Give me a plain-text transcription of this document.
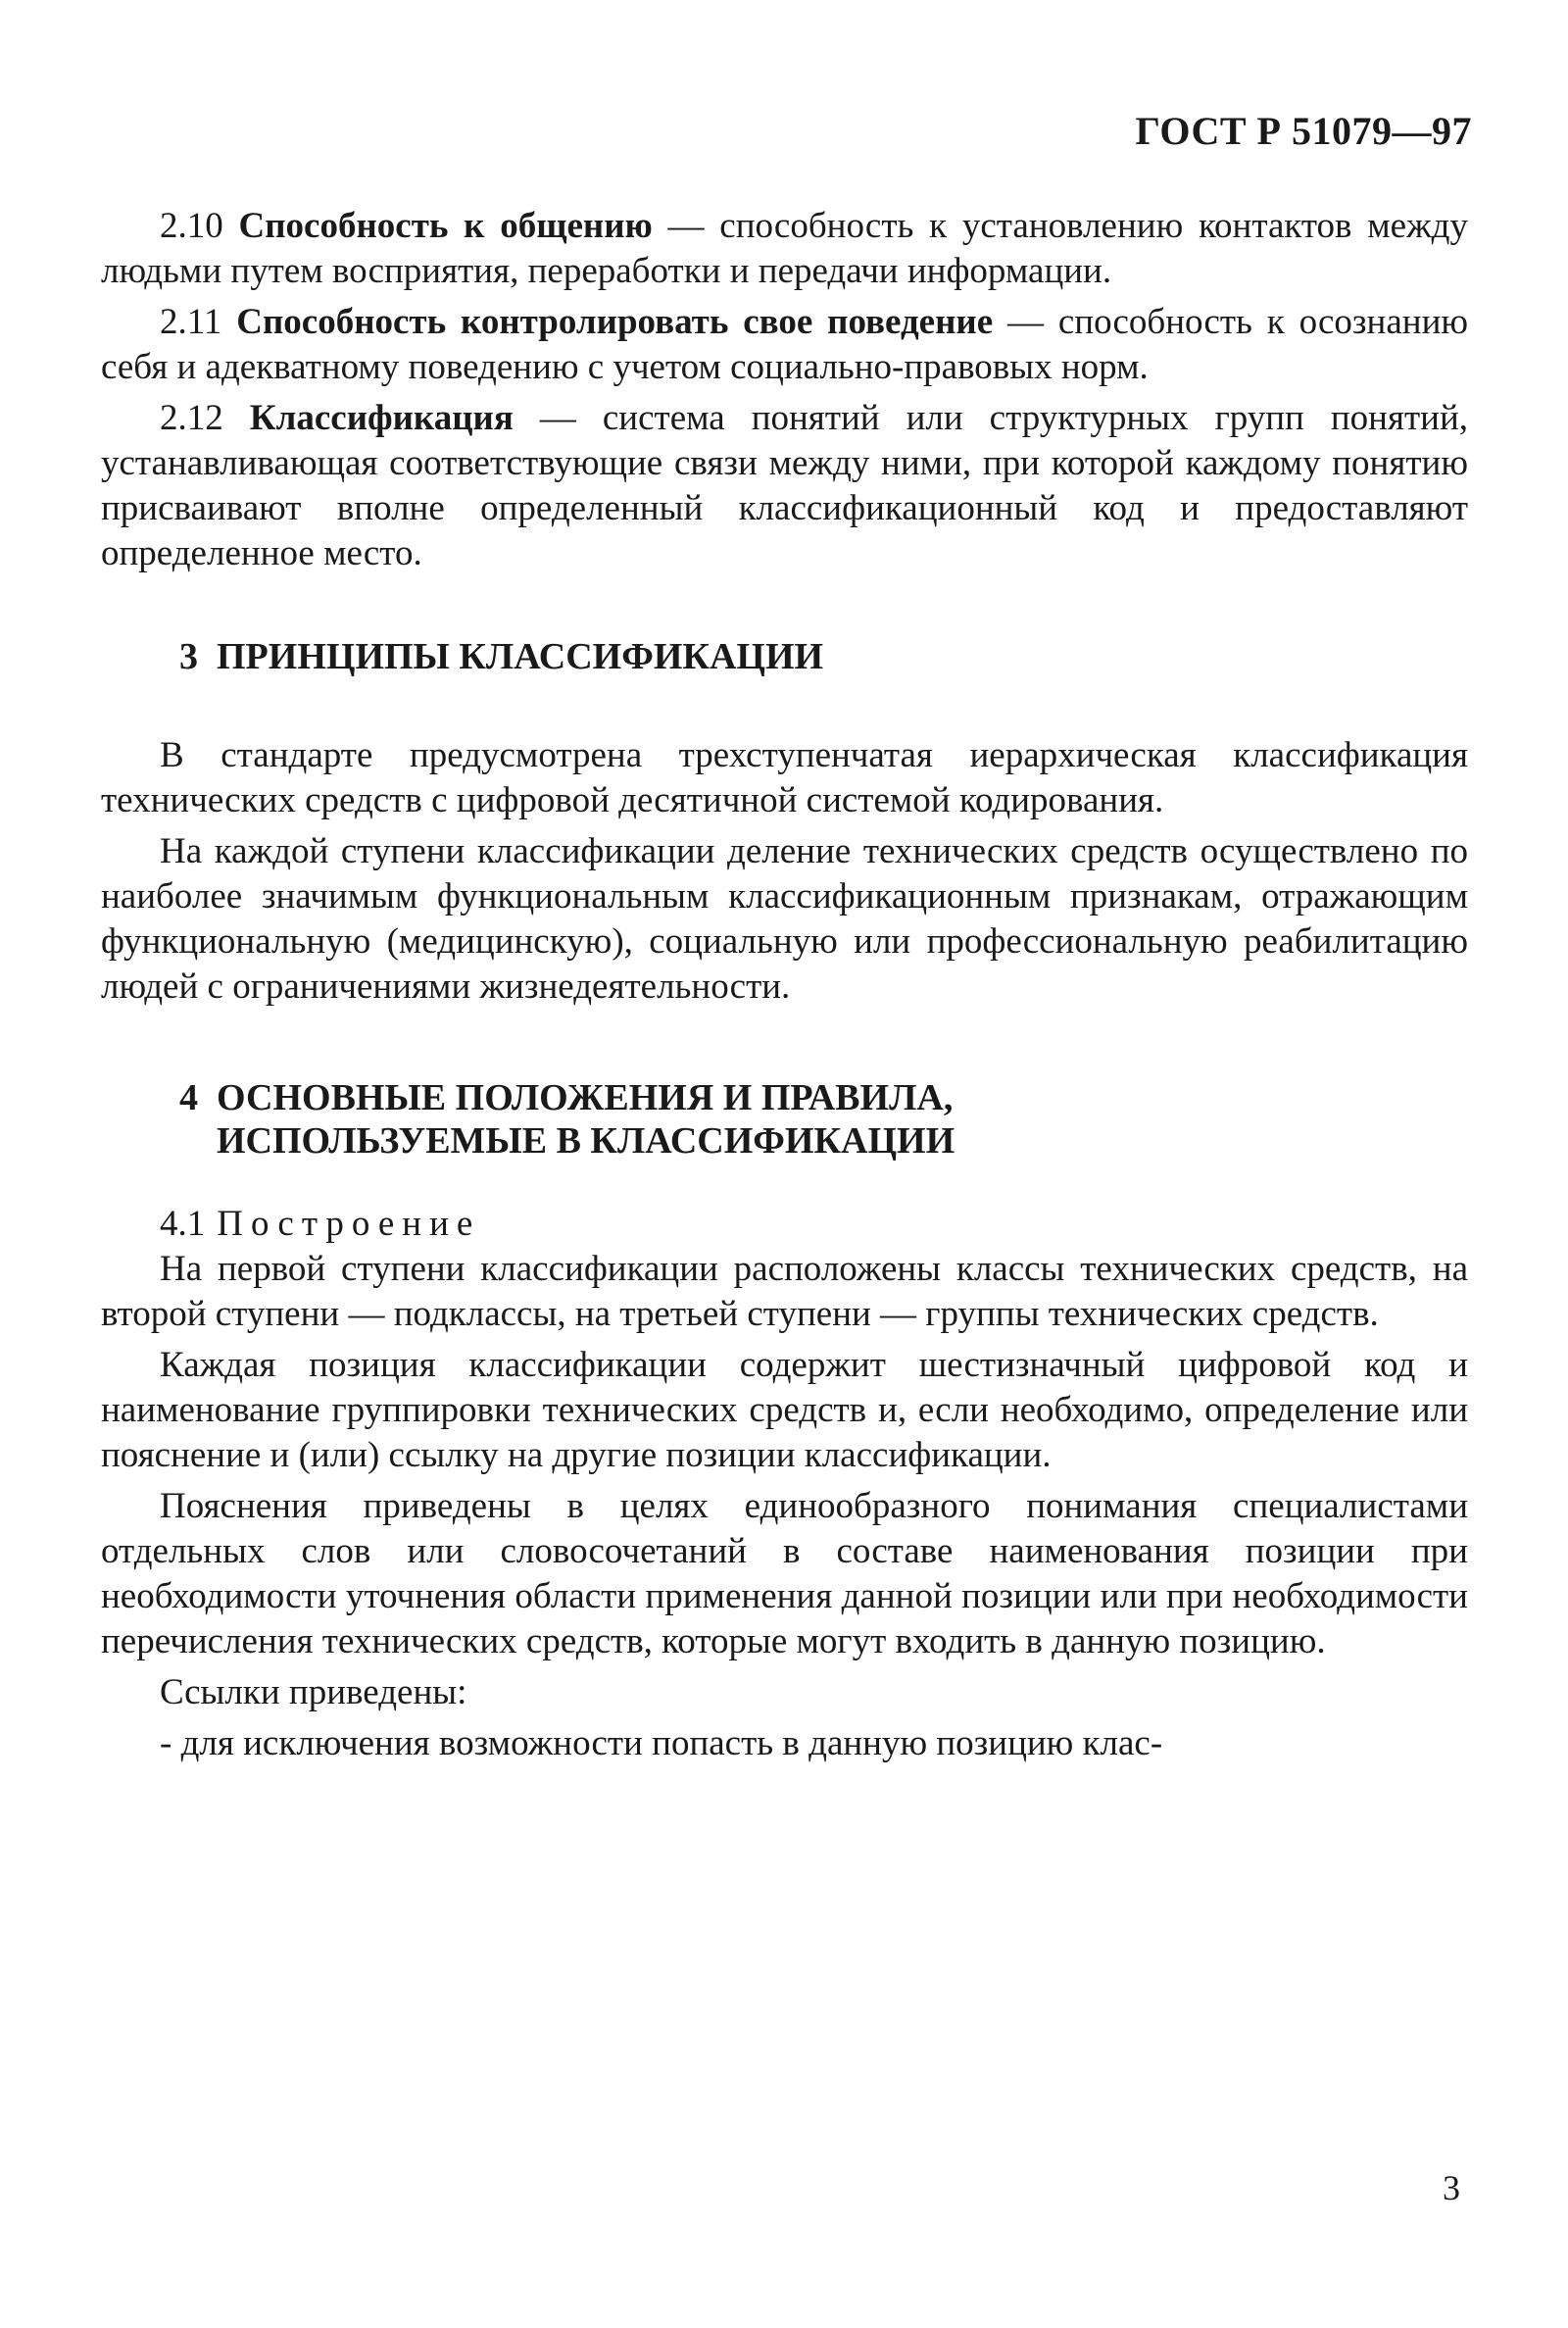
ГОСТ Р 51079—97

2.10 Способность к общению — способность к установлению контактов между людьми путем восприятия, переработки и передачи информации.

2.11 Способность контролировать свое поведение — способность к осознанию себя и адекватному поведению с учетом социально-правовых норм.

2.12 Классификация — система понятий или структурных групп понятий, устанавливающая соответствующие связи между ними, при которой каждому понятию присваивают вполне определенный классификационный код и предоставляют определенное место.

3 ПРИНЦИПЫ КЛАССИФИКАЦИИ

В стандарте предусмотрена трехступенчатая иерархическая классификация технических средств с цифровой десятичной системой кодирования.

На каждой ступени классификации деление технических средств осуществлено по наиболее значимым функциональным классификационным признакам, отражающим функциональную (медицинскую), социальную или профессиональную реабилитацию людей с ограничениями жизнедеятельности.

4 ОСНОВНЫЕ ПОЛОЖЕНИЯ И ПРАВИЛА,
ИСПОЛЬЗУЕМЫЕ В КЛАССИФИКАЦИИ

4.1 Построение

На первой ступени классификации расположены классы технических средств, на второй ступени — подклассы, на третьей ступени — группы технических средств.

Каждая позиция классификации содержит шестизначный цифровой код и наименование группировки технических средств и, если необходимо, определение или пояснение и (или) ссылку на другие позиции классификации.

Пояснения приведены в целях единообразного понимания специалистами отдельных слов или словосочетаний в составе наименования позиции при необходимости уточнения области применения данной позиции или при необходимости перечисления технических средств, которые могут входить в данную позицию.

Ссылки приведены:

- для исключения возможности попасть в данную позицию клас-

3
